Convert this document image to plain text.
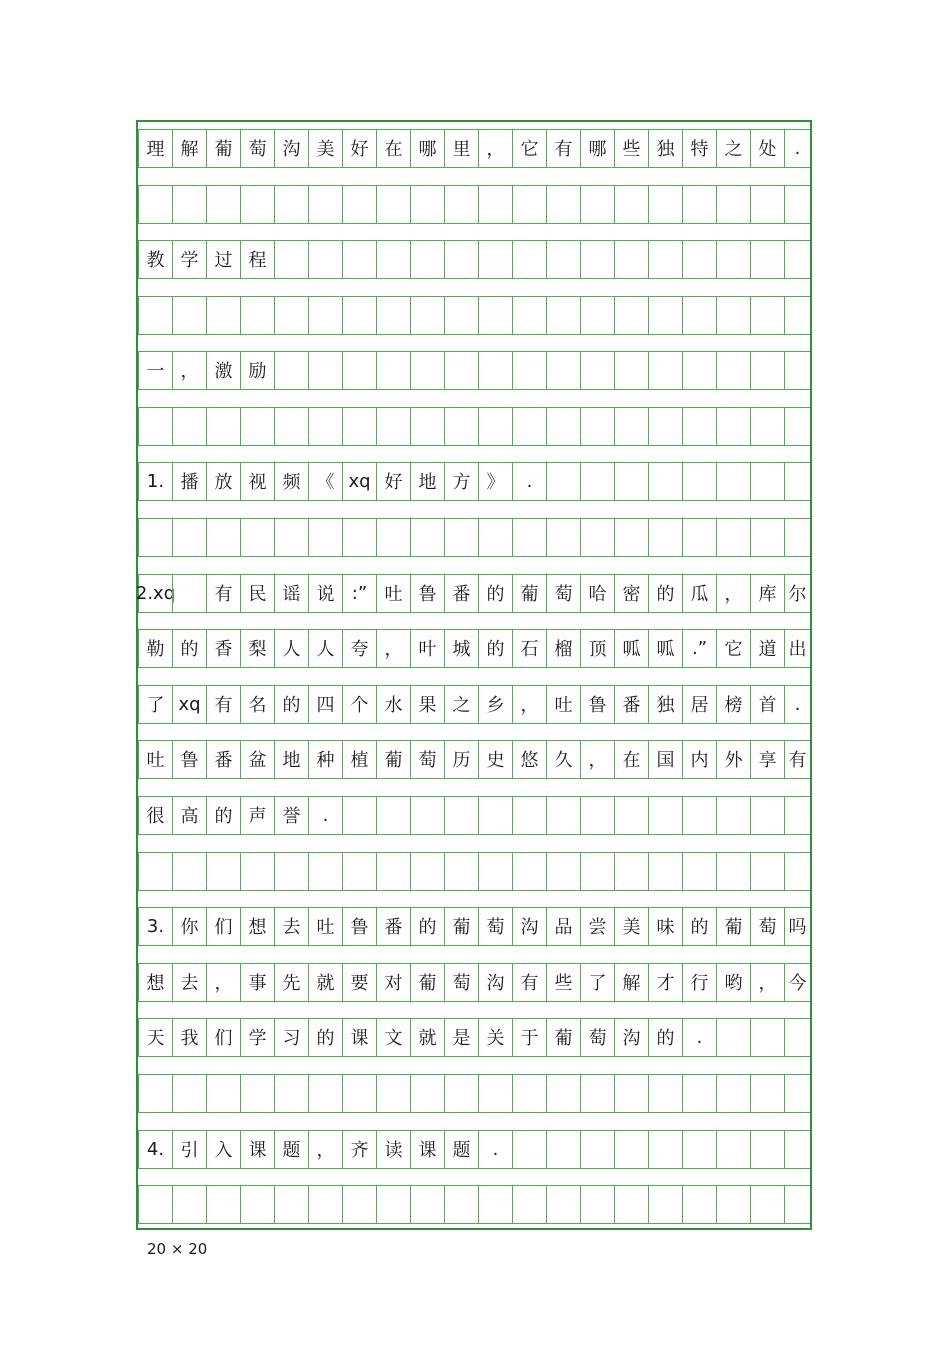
理 解 葡 萄 沟 美 好 在 哪 里 ， 它 有 哪 些 独 特 之 处	.
教 学 过 程
一 ， 激 励
1. 播 放 视 频 《 xq 好 地 方 》	.
2.xq	有 民 谣 说 :” 吐 鲁 番 的 葡 萄 哈 密 的 瓜 ， 库 尔
勒 的 香 梨 人 人 夸 ， 叶 城 的 石 榴 顶 呱 呱 .” 它 道 出
了 xq 有 名 的 四 个 水 果 之 乡 ， 吐 鲁 番 独 居 榜 首	.
吐 鲁 番 盆 地 种 植 葡 萄 历 史 悠 久 ， 在 国 内 外 享 有
很 高 的 声 誉	.
3. 你 们 想 去 吐 鲁 番 的 葡 萄 沟 品 尝 美 味 的 葡 萄 吗
想 去 ， 事 先 就 要 对 葡 萄 沟 有 些 了 解 才 行 哟 ， 今
天 我 们 学 习 的 课 文 就 是 关 于 葡 萄 沟 的	.
4. 引 入 课 题 ， 齐 读 课 题	.
20 × 20
